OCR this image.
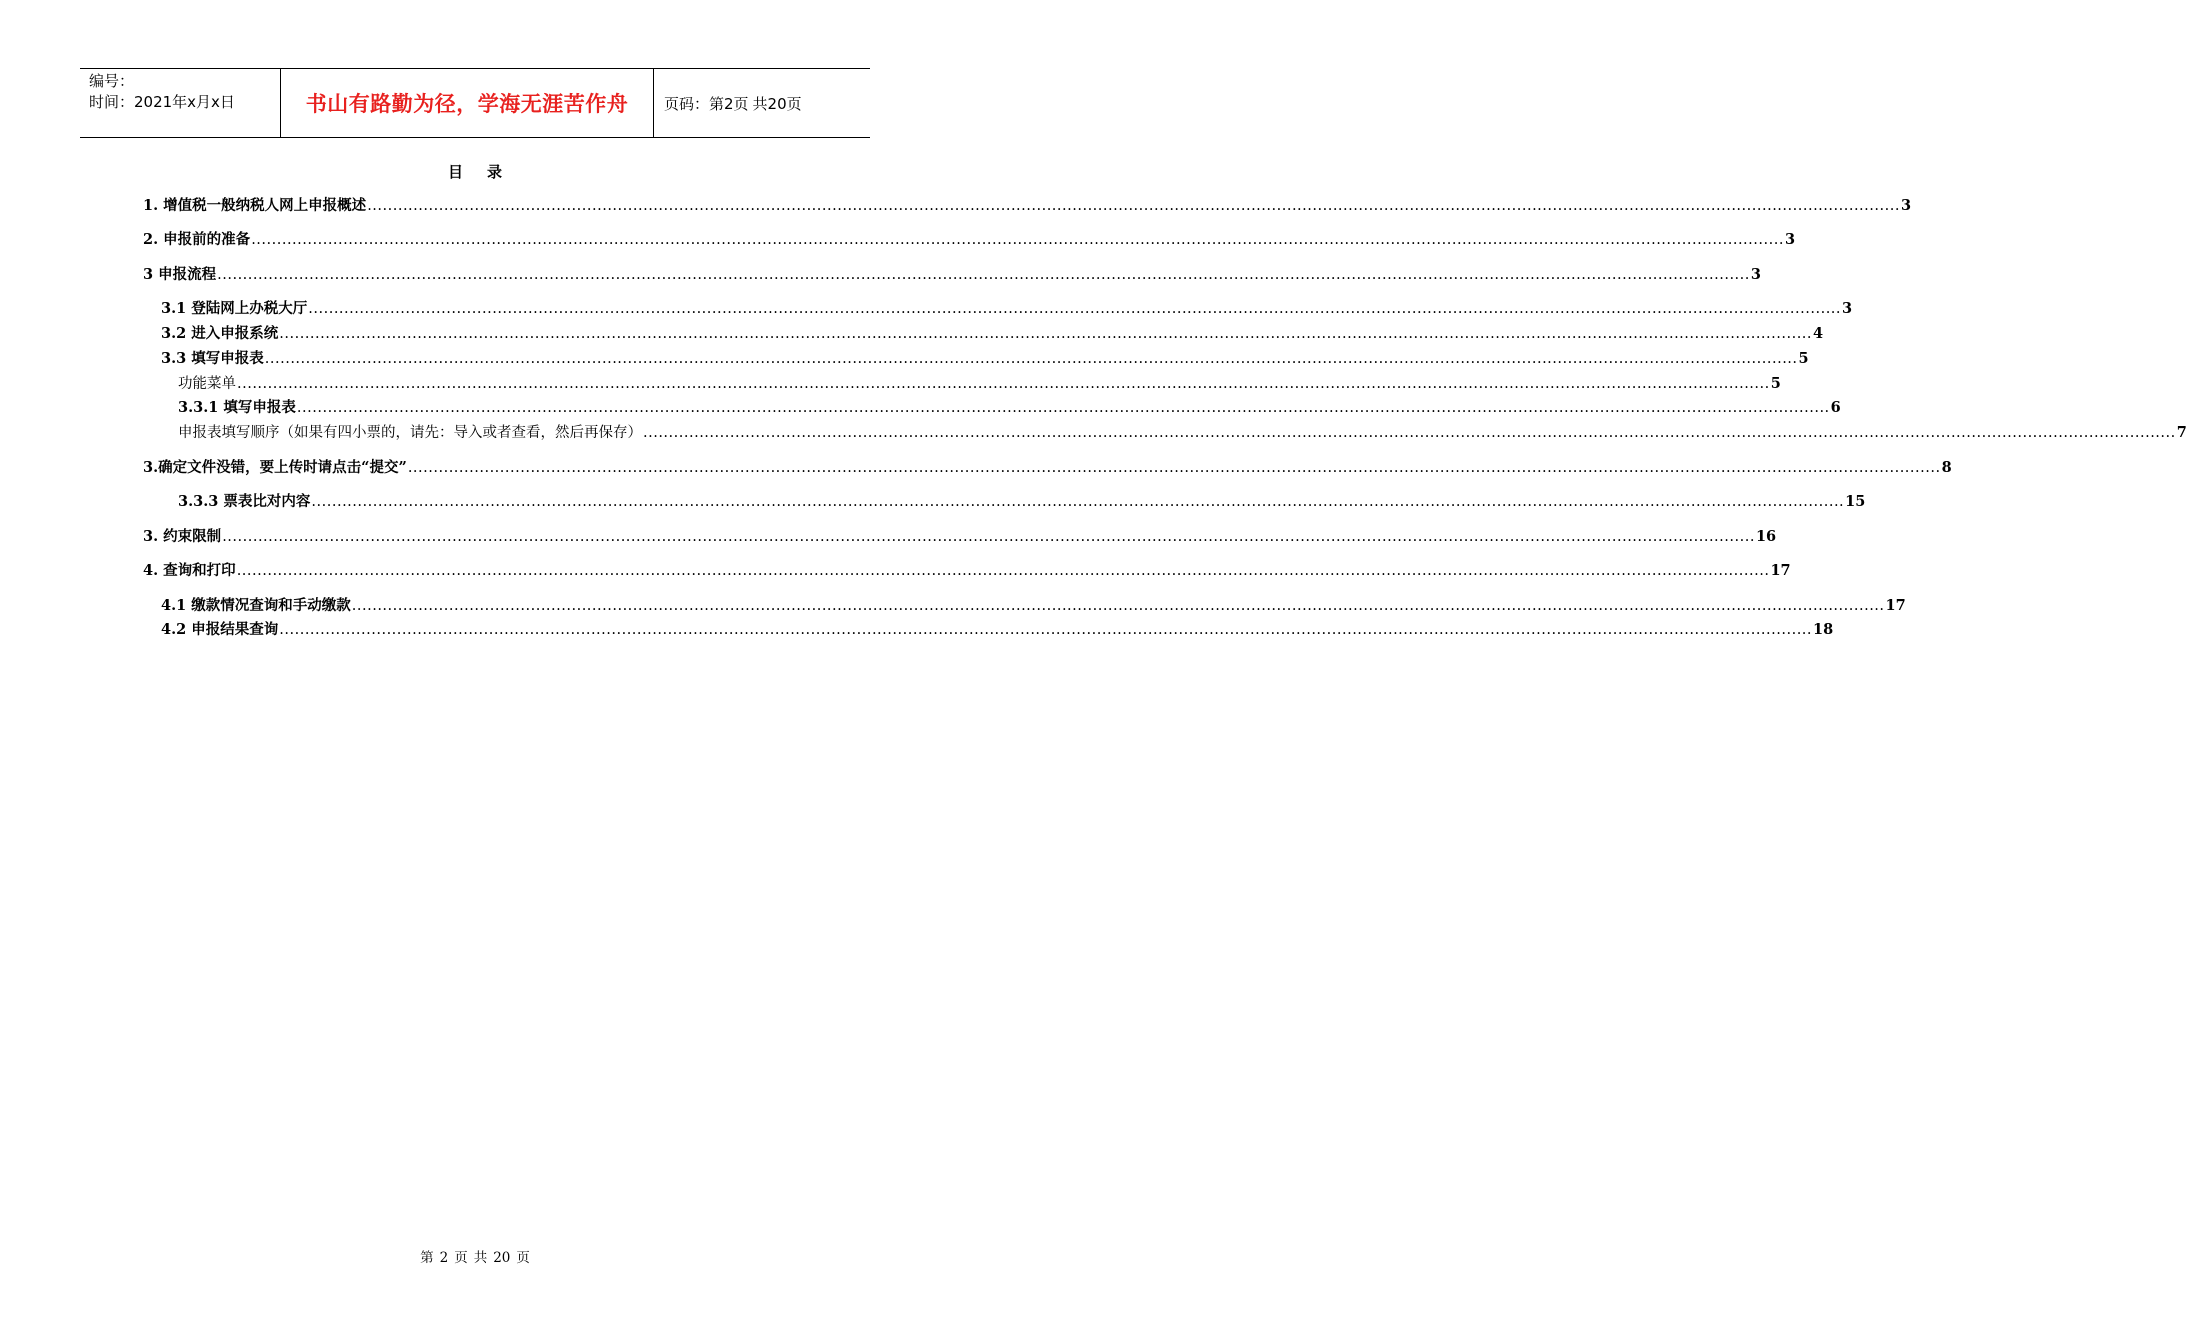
编号：
时间：2021年x月x日	书山有路勤为径，学海无涯苦作舟 页码：第2页 共20页
目 录
1. 增值税一般纳税人网上申报概述 ............................................................................................................................................................................................................................................................................................................ 3
2. 申报前的准备 ............................................................................................................................................................................................................................................................................................................ 3
3 申报流程 ............................................................................................................................................................................................................................................................................................................ 3
3.1 登陆网上办税大厅 ............................................................................................................................................................................................................................................................................................................ 3
3.2 进入申报系统 ............................................................................................................................................................................................................................................................................................................ 4
3.3 填写申报表 ............................................................................................................................................................................................................................................................................................................ 5
功能菜单 ............................................................................................................................................................................................................................................................................................................ 5
3.3.1 填写申报表 ............................................................................................................................................................................................................................................................................................................ 6
申报表填写顺序（如果有四小票的，请先：导入或者查看，然后再保存） ............................................................................................................................................................................................................................................................................................................ 7
3.确定文件没错，要上传时请点击“提交” ............................................................................................................................................................................................................................................................................................................ 8
3.3.3 票表比对内容 ............................................................................................................................................................................................................................................................................................................ 15
3. 约束限制 ............................................................................................................................................................................................................................................................................................................ 16
4. 查询和打印 ............................................................................................................................................................................................................................................................................................................ 17
4.1 缴款情况查询和手动缴款 ............................................................................................................................................................................................................................................................................................................ 17
4.2 申报结果查询 ............................................................................................................................................................................................................................................................................................................ 18
第 2 页 共 20 页
